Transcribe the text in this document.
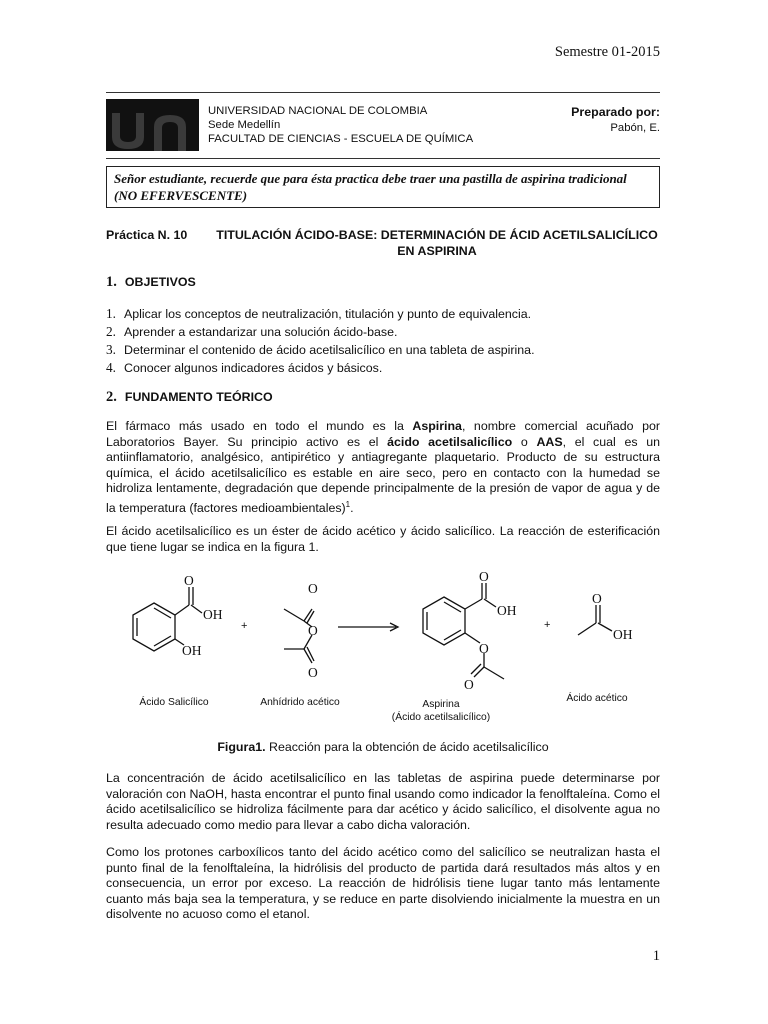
Semestre 01-2015
UNIVERSIDAD NACIONAL DE COLOMBIA
Sede Medellín
FACULTAD DE CIENCIAS - ESCUELA DE QUÍMICA
Preparado por:
Pabón, E.
Señor estudiante, recuerde que para ésta practica debe traer una pastilla de aspirina tradicional (NO EFERVESCENTE)
Práctica N. 10 TITULACIÓN ÁCIDO-BASE: DETERMINACIÓN DE ÁCID ACETILSALICÍLICO
EN ASPIRINA
1. OBJETIVOS
1. Aplicar los conceptos de neutralización, titulación y punto de equivalencia.
2. Aprender a estandarizar una solución ácido-base.
3. Determinar el contenido de ácido acetilsalicílico en una tableta de aspirina.
4. Conocer algunos indicadores ácidos y básicos.
2. FUNDAMENTO TEÓRICO
El fármaco más usado en todo el mundo es la Aspirina, nombre comercial acuñado por Laboratorios Bayer. Su principio activo es el ácido acetilsalicílico o AAS, el cual es un antiinflamatorio, analgésico, antipirético y antiagregante plaquetario. Producto de su estructura química, el ácido acetilsalicílico es estable en aire seco, pero en contacto con la humedad se hidroliza lentamente, degradación que depende principalmente de la presión de vapor de agua y de la temperatura (factores medioambientales)$^1$.
El ácido acetilsalicílico es un éster de ácido acético y ácido salicílico. La reacción de esterificación que tiene lugar se indica en la figura 1.
O
OH
OH
+
O
O
O
O
OH
O
O
+
O
OH
Ácido Salicílico	Anhídrido acético	Aspirina
(Ácido acetilsalicílico)
Ácido acético
Figura1. Reacción para la obtención de ácido acetilsalicílico
La concentración de ácido acetilsalicílico en las tabletas de aspirina puede determinarse por valoración con NaOH, hasta encontrar el punto final usando como indicador la fenolftaleína. Como el ácido acetilsalicílico se hidroliza fácilmente para dar acético y ácido salicílico, el disolvente agua no resulta adecuado como medio para llevar a cabo dicha valoración.
Como los protones carboxílicos tanto del ácido acético como del salicílico se neutralizan hasta el punto final de la fenolftaleína, la hidrólisis del producto de partida dará resultados más altos y en consecuencia, un error por exceso. La reacción de hidrólisis tiene lugar tanto más lentamente cuanto más baja sea la temperatura, y se reduce en parte disolviendo inicialmente la muestra en un disolvente no acuoso como el etanol.
1
